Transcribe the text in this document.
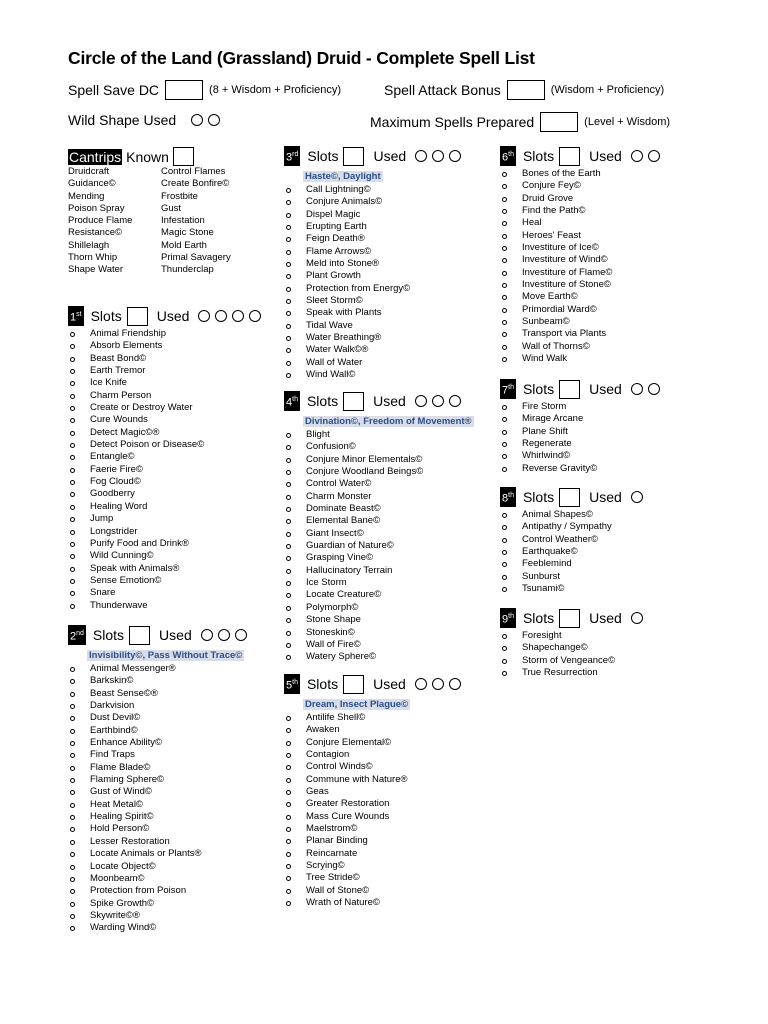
Circle of the Land (Grassland) Druid - Complete Spell List
Spell Save DC	(8 + Wisdom + Proficiency)	Spell Attack Bonus	(Wisdom + Proficiency)
Wild Shape Used	Maximum Spells Prepared	(Level + Wisdom)
Cantrips Known
Druidcraft	Control Flames
Guidance©	Create Bonfire©
Mending	Frostbite
Poison Spray	Gust
Produce Flame	Infestation
Resistance©	Magic Stone
Shillelagh	Mold Earth
Thorn Whip	Primal Savagery
Shape Water	Thunderclap
1st Slots	Used
Animal Friendship
Absorb Elements
Beast Bond©
Earth Tremor
Ice Knife
Charm Person
Create or Destroy Water
Cure Wounds
Detect Magic©®
Detect Poison or Disease©
Entangle©
Faerie Fire©
Fog Cloud©
Goodberry
Healing Word
Jump
Longstrider
Purify Food and Drink®
Wild Cunning©
Speak with Animals®
Sense Emotion©
Snare
Thunderwave
2nd Slots	Used
Invisibility©, Pass Without Trace©
Animal Messenger®
Barkskin©
Beast Sense©®
Darkvision
Dust Devil©
Earthbind©
Enhance Ability©
Find Traps
Flame Blade©
Flaming Sphere©
Gust of Wind©
Heat Metal©
Healing Spirit©
Hold Person©
Lesser Restoration
Locate Animals or Plants®
Locate Object©
Moonbeam©
Protection from Poison
Spike Growth©
Skywrite©®
Warding Wind©
3rd Slots	Used
Haste©, Daylight
Call Lightning©
Conjure Animals©
Dispel Magic
Erupting Earth
Feign Death®
Flame Arrows©
Meld into Stone®
Plant Growth
Protection from Energy©
Sleet Storm©
Speak with Plants
Tidal Wave
Water Breathing®
Water Walk©®
Wall of Water
Wind Wall©
4th Slots	Used
Divination©, Freedom of Movement®
Blight
Confusion©
Conjure Minor Elementals©
Conjure Woodland Beings©
Control Water©
Charm Monster
Dominate Beast©
Elemental Bane©
Giant Insect©
Guardian of Nature©
Grasping Vine©
Hallucinatory Terrain
Ice Storm
Locate Creature©
Polymorph©
Stone Shape
Stoneskin©
Wall of Fire©
Watery Sphere©
5th Slots	Used
Dream, Insect Plague©
Antilife Shell©
Awaken
Conjure Elemental©
Contagion
Control Winds©
Commune with Nature®
Geas
Greater Restoration
Mass Cure Wounds
Maelstrom©
Planar Binding
Reincarnate
Scrying©
Tree Stride©
Wall of Stone©
Wrath of Nature©
6th Slots	Used
Bones of the Earth
Conjure Fey©
Druid Grove
Find the Path©
Heal
Heroes' Feast
Investiture of Ice©
Investiture of Wind©
Investiture of Flame©
Investiture of Stone©
Move Earth©
Primordial Ward©
Sunbeam©
Transport via Plants
Wall of Thorns©
Wind Walk
7th Slots	Used
Fire Storm
Mirage Arcane
Plane Shift
Regenerate
Whirlwind©
Reverse Gravity©
8th Slots	Used
Animal Shapes©
Antipathy / Sympathy
Control Weather©
Earthquake©
Feeblemind
Sunburst
Tsunami©
9th Slots	Used
Foresight
Shapechange©
Storm of Vengeance©
True Resurrection
